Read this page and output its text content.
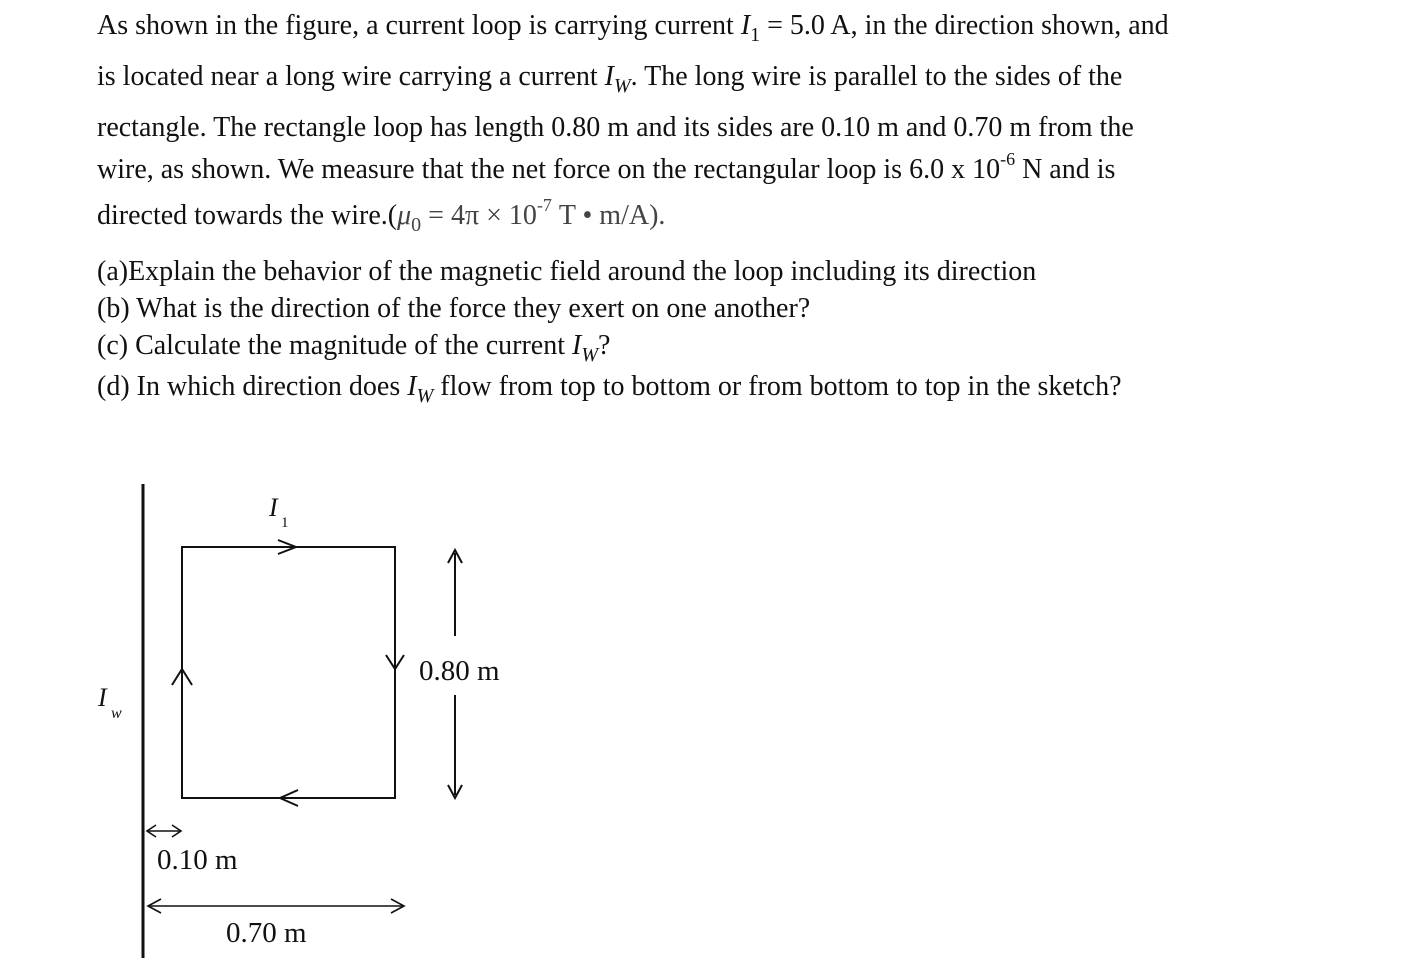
As shown in the figure, a current loop is carrying current $I_1 = 5.0$ A, in the direction shown, and
is located near a long wire carrying a current $I_W$. The long wire is parallel to the sides of the
rectangle. The rectangle loop has length 0.80 m and its sides are 0.10 m and 0.70 m from the
wire, as shown. We measure that the net force on the rectangular loop is 6.0 x $10^{-6}$ N and is
directed towards the $wire.(\mu_0 = 4\pi \times 10^{-7}$ T • m/A).
(a)Explain the behavior of the magnetic field around the loop including its direction
(b) What is the direction of the force they exert on one another?
(c) Calculate the magnitude of the current $I_W$?
(d) In which direction does $I_W$ flow from top to bottom or from bottom to top in the sketch?
I
1
I
w
0.80 m
0.10 m
0.70 m
